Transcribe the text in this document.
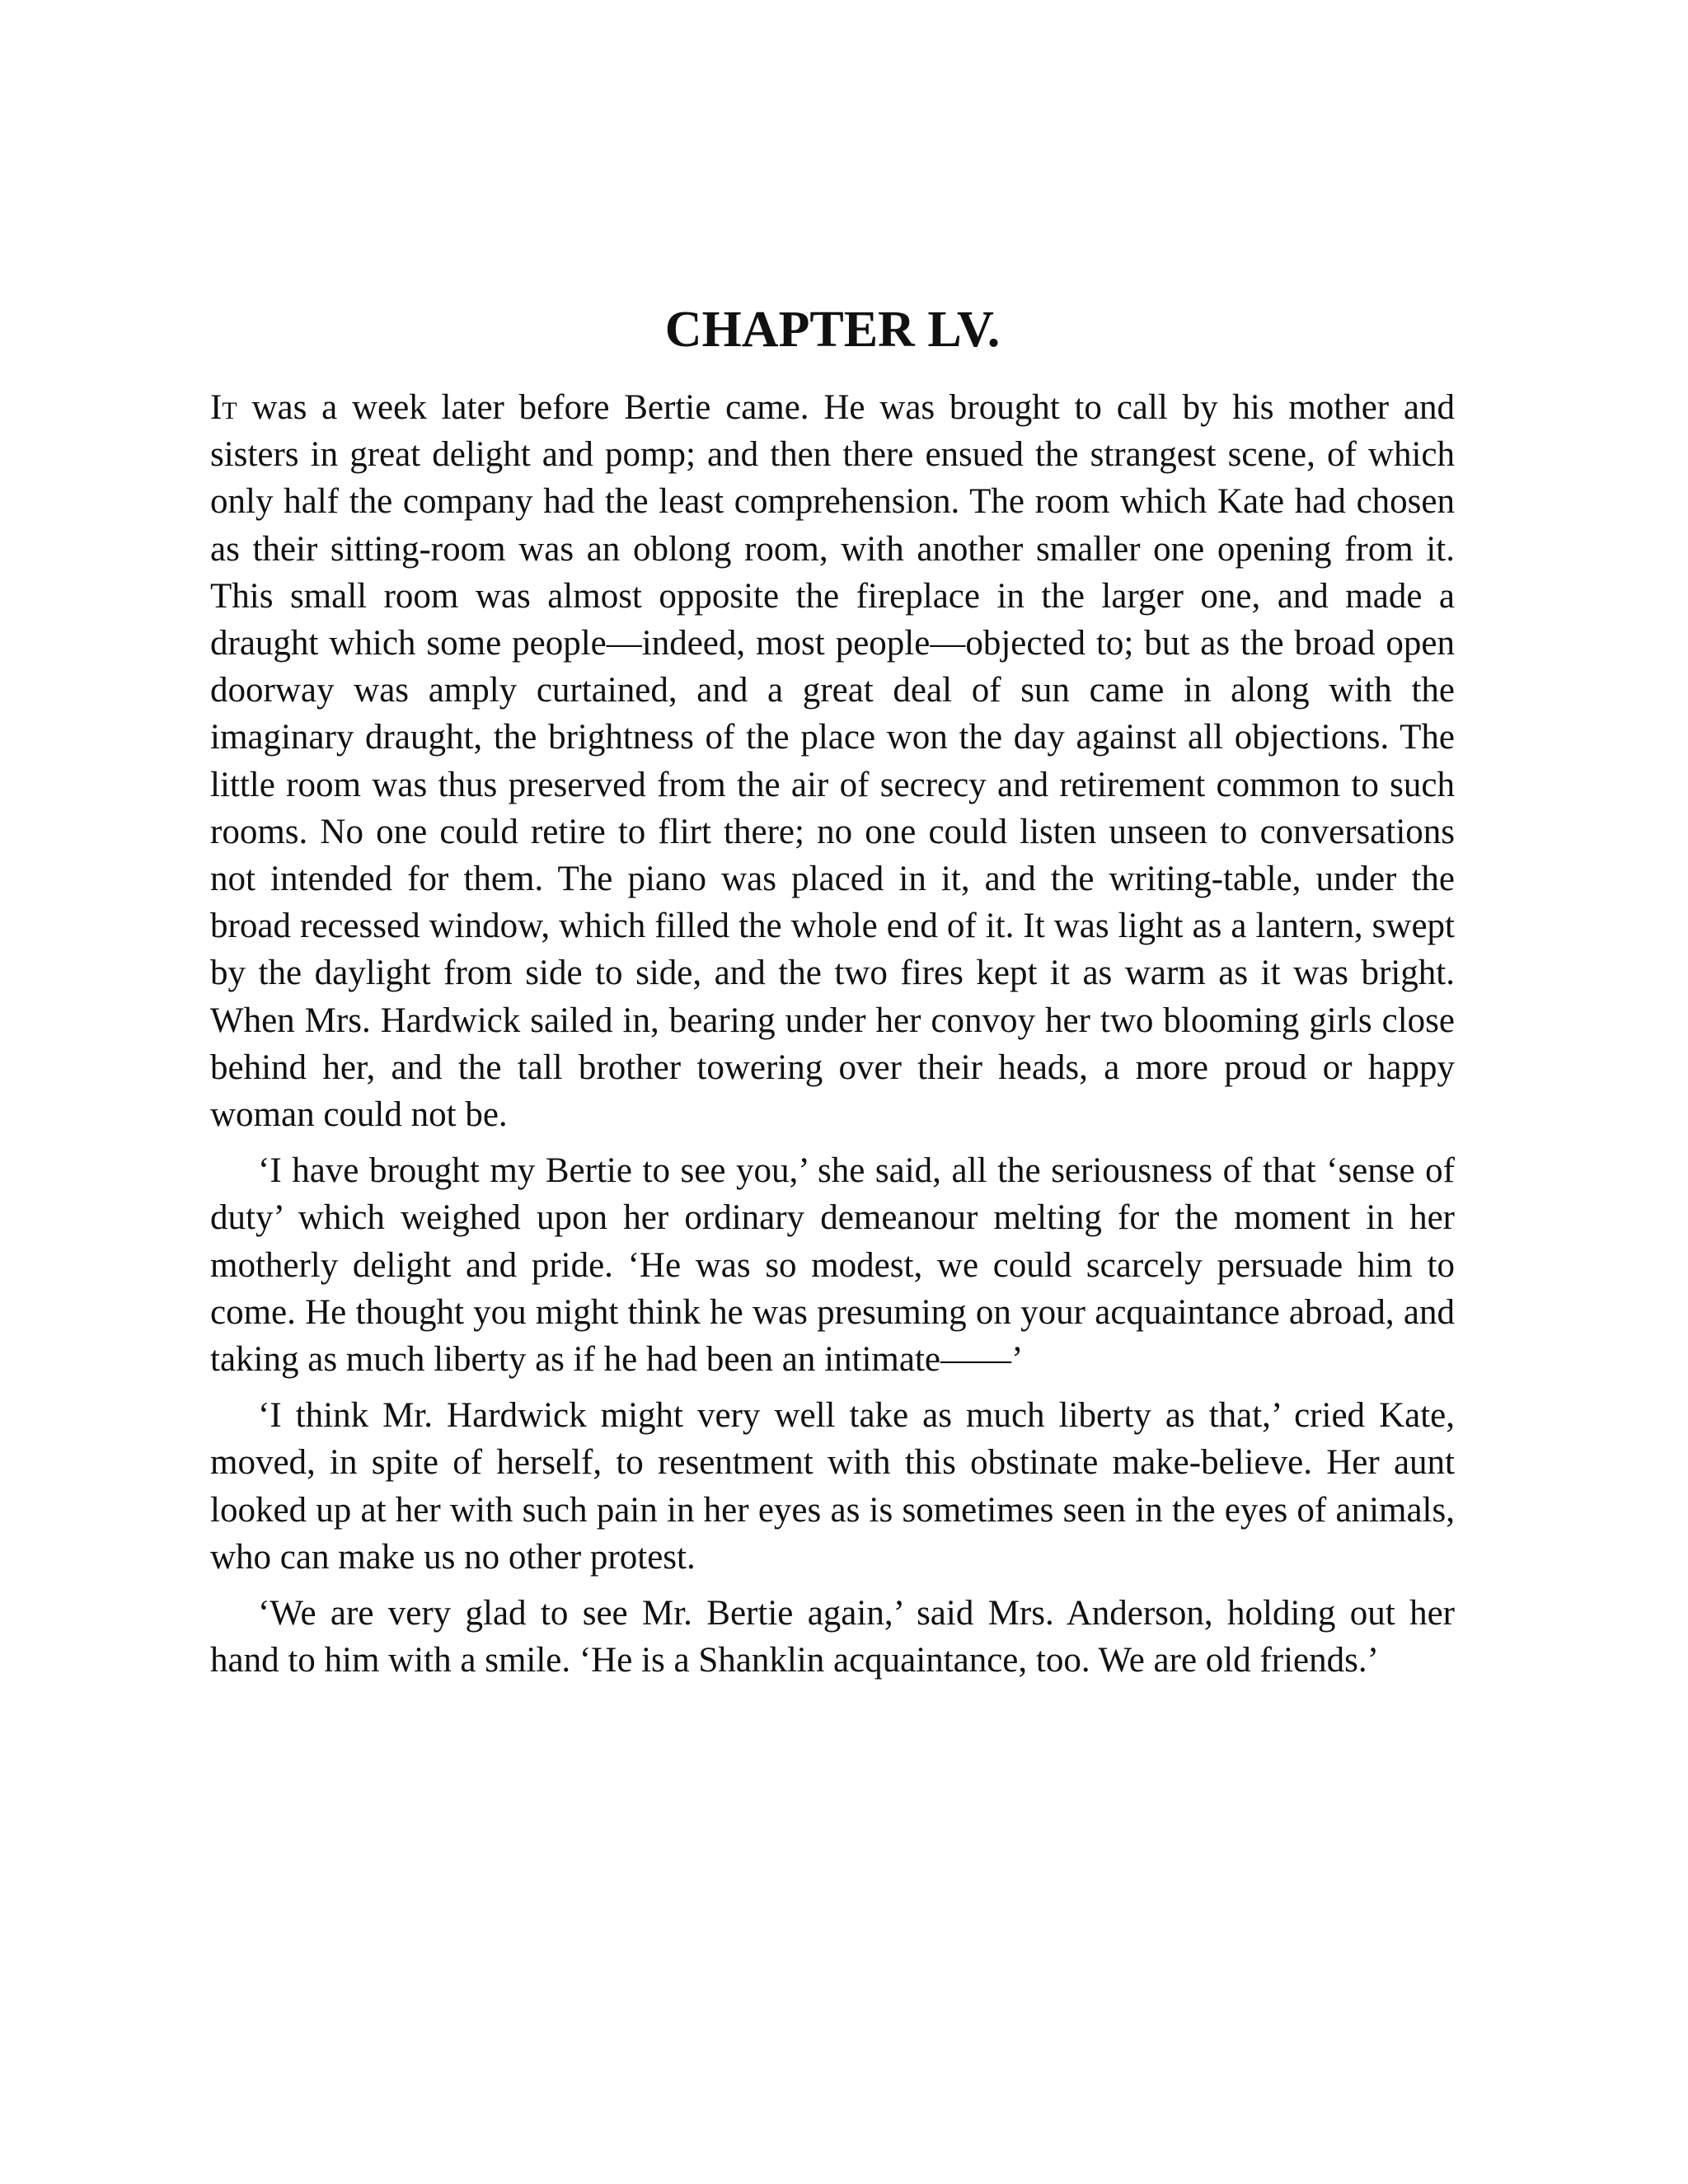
CHAPTER LV.

It was a week later before Bertie came. He was brought to call by his mother and sisters in great delight and pomp; and then there ensued the strangest scene, of which only half the company had the least comprehension. The room which Kate had chosen as their sitting-room was an oblong room, with another smaller one opening from it. This small room was almost opposite the fireplace in the larger one, and made a draught which some people—indeed, most people—objected to; but as the broad open doorway was amply curtained, and a great deal of sun came in along with the imaginary draught, the brightness of the place won the day against all objections. The little room was thus preserved from the air of secrecy and retirement common to such rooms. No one could retire to flirt there; no one could listen unseen to conversations not intended for them. The piano was placed in it, and the writing-table, under the broad recessed window, which filled the whole end of it. It was light as a lantern, swept by the daylight from side to side, and the two fires kept it as warm as it was bright. When Mrs. Hardwick sailed in, bearing under her convoy her two blooming girls close behind her, and the tall brother towering over their heads, a more proud or happy woman could not be.

‘I have brought my Bertie to see you,’ she said, all the seriousness of that ‘sense of duty’ which weighed upon her ordinary demeanour melting for the moment in her motherly delight and pride. ‘He was so modest, we could scarcely persuade him to come. He thought you might think he was presuming on your acquaintance abroad, and taking as much liberty as if he had been an intimate——’

‘I think Mr. Hardwick might very well take as much liberty as that,’ cried Kate, moved, in spite of herself, to resentment with this obstinate make-believe. Her aunt looked up at her with such pain in her eyes as is sometimes seen in the eyes of animals, who can make us no other protest.

‘We are very glad to see Mr. Bertie again,’ said Mrs. Anderson, holding out her hand to him with a smile. ‘He is a Shanklin acquaintance, too. We are old friends.’
